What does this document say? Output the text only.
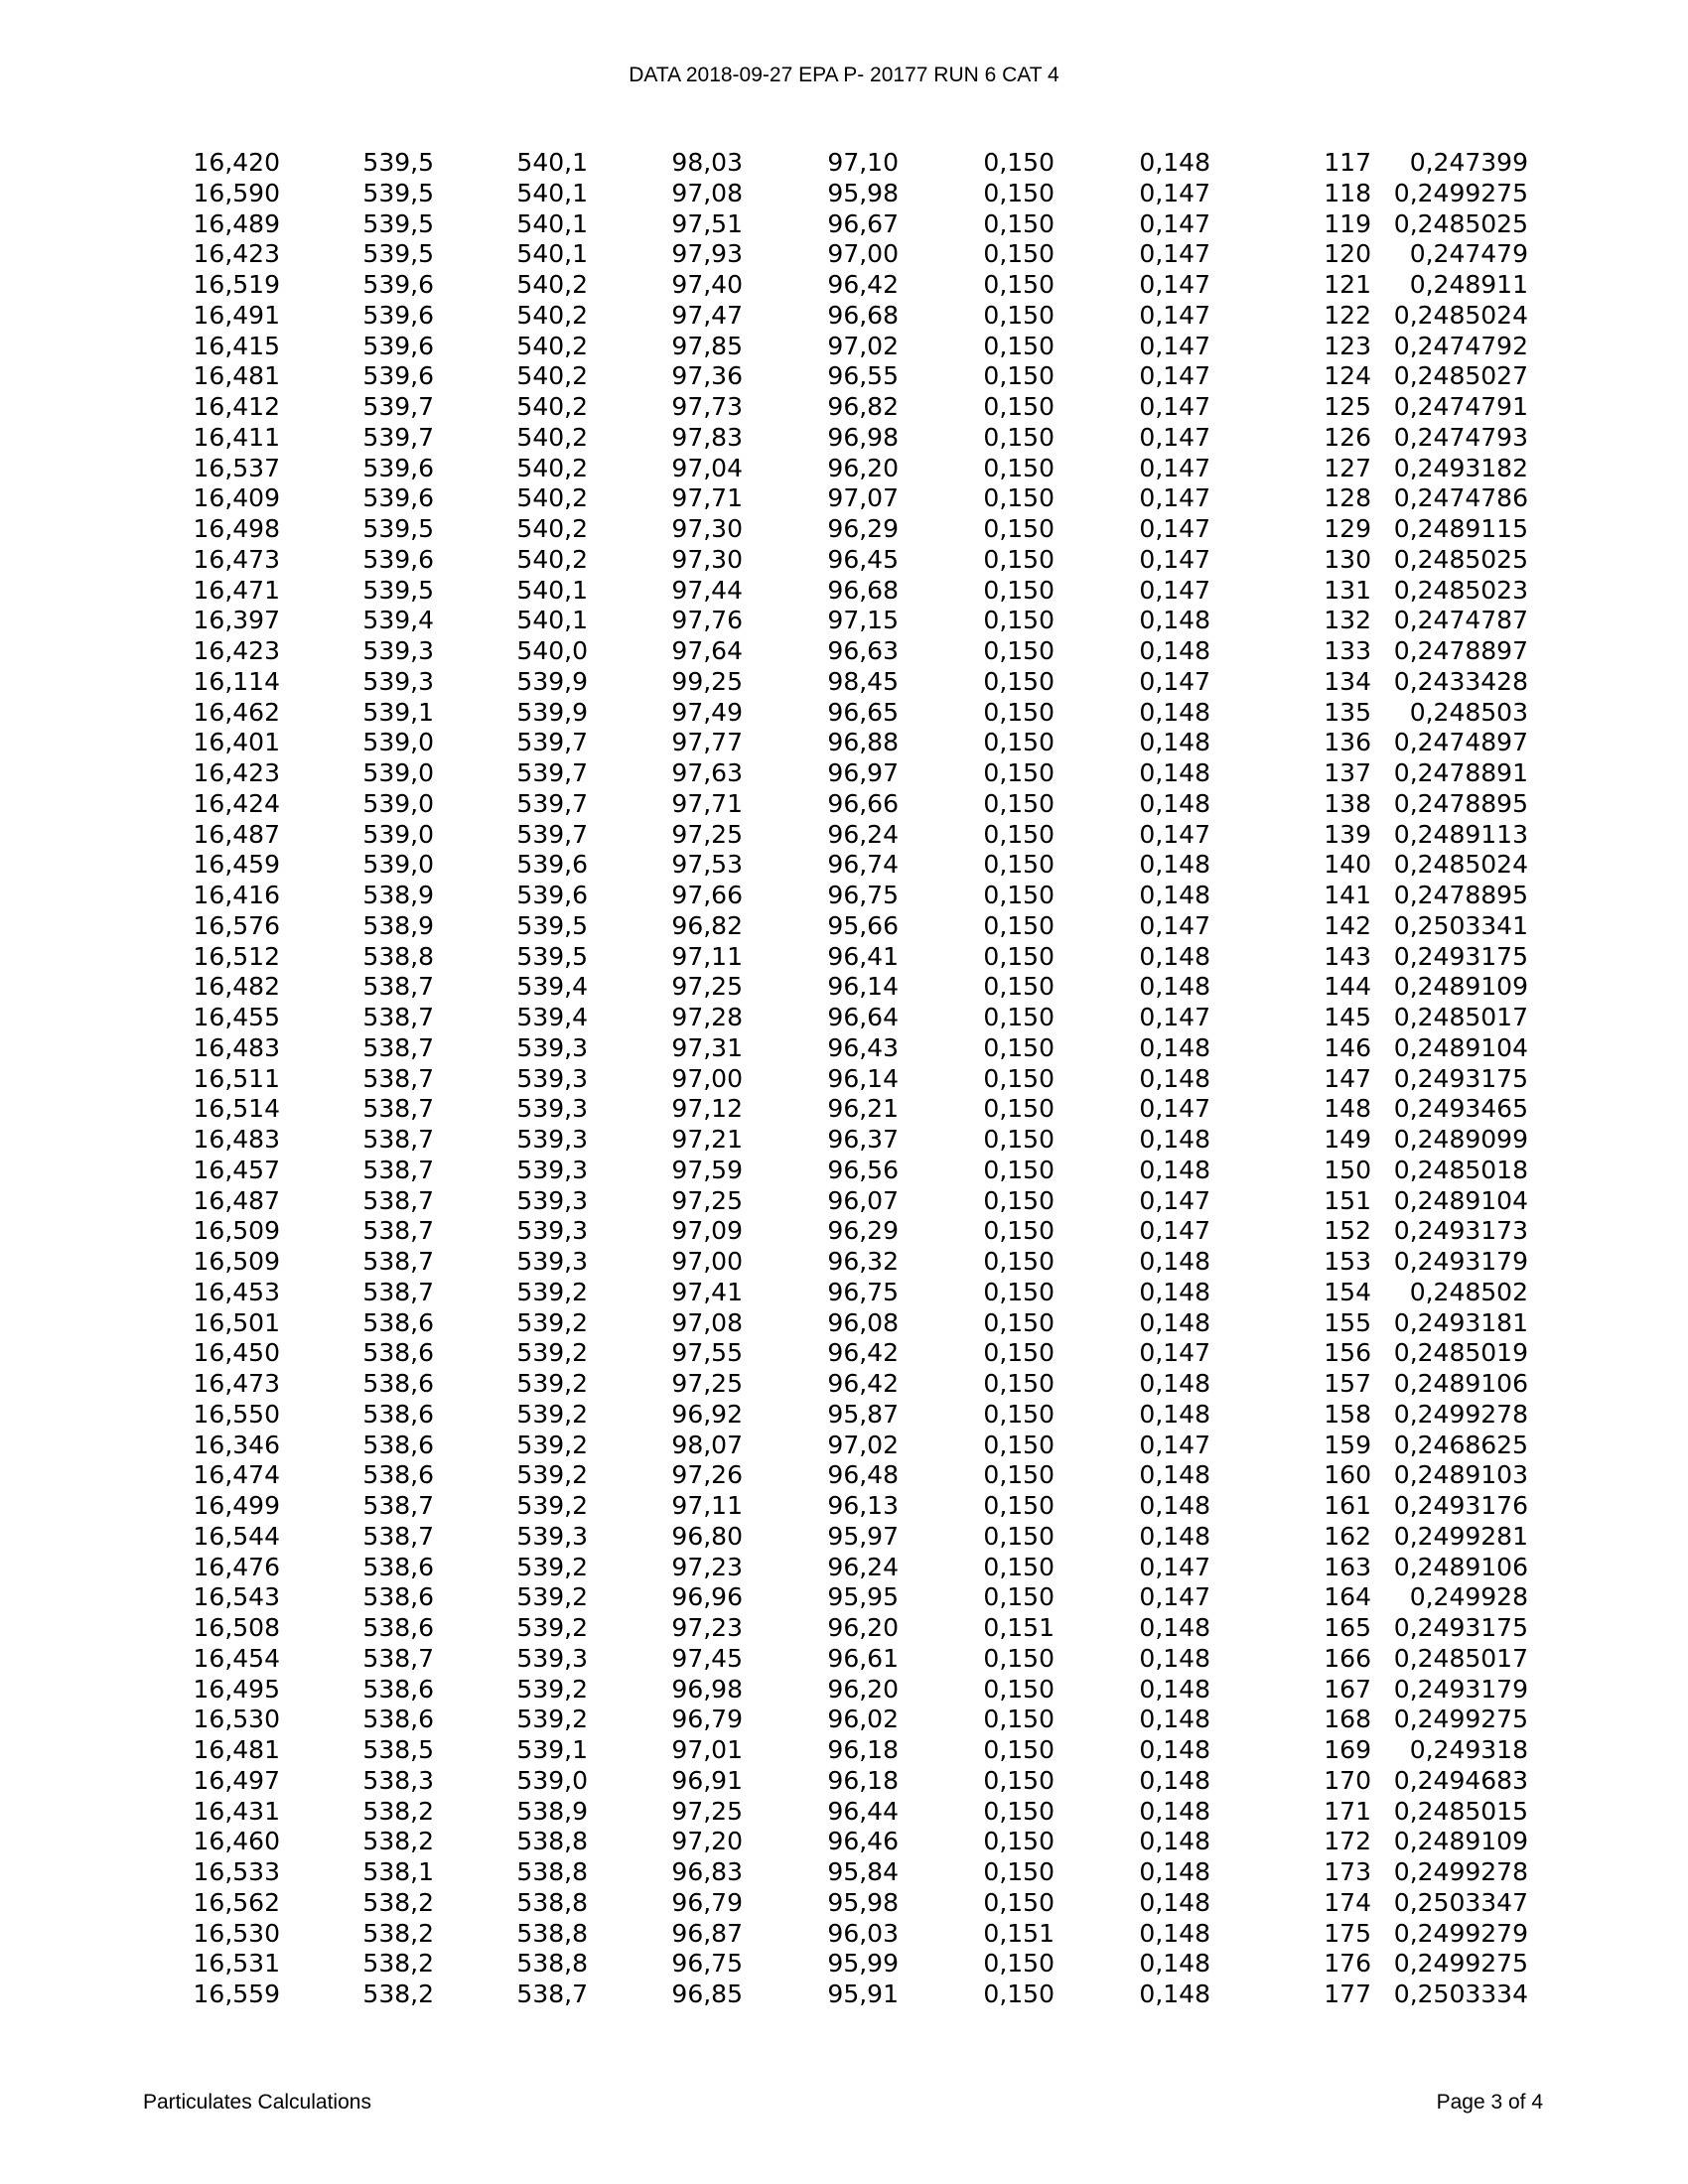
DATA 2018-09-27 EPA P- 20177 RUN 6 CAT 4
16,420	539,5	540,1	98,03	97,10	0,150	0,148	117	0,247399
16,590	539,5	540,1	97,08	95,98	0,150	0,147	118	0,2499275
16,489	539,5	540,1	97,51	96,67	0,150	0,147	119	0,2485025
16,423	539,5	540,1	97,93	97,00	0,150	0,147	120	0,247479
16,519	539,6	540,2	97,40	96,42	0,150	0,147	121	0,248911
16,491	539,6	540,2	97,47	96,68	0,150	0,147	122	0,2485024
16,415	539,6	540,2	97,85	97,02	0,150	0,147	123	0,2474792
16,481	539,6	540,2	97,36	96,55	0,150	0,147	124	0,2485027
16,412	539,7	540,2	97,73	96,82	0,150	0,147	125	0,2474791
16,411	539,7	540,2	97,83	96,98	0,150	0,147	126	0,2474793
16,537	539,6	540,2	97,04	96,20	0,150	0,147	127	0,2493182
16,409	539,6	540,2	97,71	97,07	0,150	0,147	128	0,2474786
16,498	539,5	540,2	97,30	96,29	0,150	0,147	129	0,2489115
16,473	539,6	540,2	97,30	96,45	0,150	0,147	130	0,2485025
16,471	539,5	540,1	97,44	96,68	0,150	0,147	131	0,2485023
16,397	539,4	540,1	97,76	97,15	0,150	0,148	132	0,2474787
16,423	539,3	540,0	97,64	96,63	0,150	0,148	133	0,2478897
16,114	539,3	539,9	99,25	98,45	0,150	0,147	134	0,2433428
16,462	539,1	539,9	97,49	96,65	0,150	0,148	135	0,248503
16,401	539,0	539,7	97,77	96,88	0,150	0,148	136	0,2474897
16,423	539,0	539,7	97,63	96,97	0,150	0,148	137	0,2478891
16,424	539,0	539,7	97,71	96,66	0,150	0,148	138	0,2478895
16,487	539,0	539,7	97,25	96,24	0,150	0,147	139	0,2489113
16,459	539,0	539,6	97,53	96,74	0,150	0,148	140	0,2485024
16,416	538,9	539,6	97,66	96,75	0,150	0,148	141	0,2478895
16,576	538,9	539,5	96,82	95,66	0,150	0,147	142	0,2503341
16,512	538,8	539,5	97,11	96,41	0,150	0,148	143	0,2493175
16,482	538,7	539,4	97,25	96,14	0,150	0,148	144	0,2489109
16,455	538,7	539,4	97,28	96,64	0,150	0,147	145	0,2485017
16,483	538,7	539,3	97,31	96,43	0,150	0,148	146	0,2489104
16,511	538,7	539,3	97,00	96,14	0,150	0,148	147	0,2493175
16,514	538,7	539,3	97,12	96,21	0,150	0,147	148	0,2493465
16,483	538,7	539,3	97,21	96,37	0,150	0,148	149	0,2489099
16,457	538,7	539,3	97,59	96,56	0,150	0,148	150	0,2485018
16,487	538,7	539,3	97,25	96,07	0,150	0,147	151	0,2489104
16,509	538,7	539,3	97,09	96,29	0,150	0,147	152	0,2493173
16,509	538,7	539,3	97,00	96,32	0,150	0,148	153	0,2493179
16,453	538,7	539,2	97,41	96,75	0,150	0,148	154	0,248502
16,501	538,6	539,2	97,08	96,08	0,150	0,148	155	0,2493181
16,450	538,6	539,2	97,55	96,42	0,150	0,147	156	0,2485019
16,473	538,6	539,2	97,25	96,42	0,150	0,148	157	0,2489106
16,550	538,6	539,2	96,92	95,87	0,150	0,148	158	0,2499278
16,346	538,6	539,2	98,07	97,02	0,150	0,147	159	0,2468625
16,474	538,6	539,2	97,26	96,48	0,150	0,148	160	0,2489103
16,499	538,7	539,2	97,11	96,13	0,150	0,148	161	0,2493176
16,544	538,7	539,3	96,80	95,97	0,150	0,148	162	0,2499281
16,476	538,6	539,2	97,23	96,24	0,150	0,147	163	0,2489106
16,543	538,6	539,2	96,96	95,95	0,150	0,147	164	0,249928
16,508	538,6	539,2	97,23	96,20	0,151	0,148	165	0,2493175
16,454	538,7	539,3	97,45	96,61	0,150	0,148	166	0,2485017
16,495	538,6	539,2	96,98	96,20	0,150	0,148	167	0,2493179
16,530	538,6	539,2	96,79	96,02	0,150	0,148	168	0,2499275
16,481	538,5	539,1	97,01	96,18	0,150	0,148	169	0,249318
16,497	538,3	539,0	96,91	96,18	0,150	0,148	170	0,2494683
16,431	538,2	538,9	97,25	96,44	0,150	0,148	171	0,2485015
16,460	538,2	538,8	97,20	96,46	0,150	0,148	172	0,2489109
16,533	538,1	538,8	96,83	95,84	0,150	0,148	173	0,2499278
16,562	538,2	538,8	96,79	95,98	0,150	0,148	174	0,2503347
16,530	538,2	538,8	96,87	96,03	0,151	0,148	175	0,2499279
16,531	538,2	538,8	96,75	95,99	0,150	0,148	176	0,2499275
16,559	538,2	538,7	96,85	95,91	0,150	0,148	177	0,2503334
Particulates Calculations	Page 3 of 4
